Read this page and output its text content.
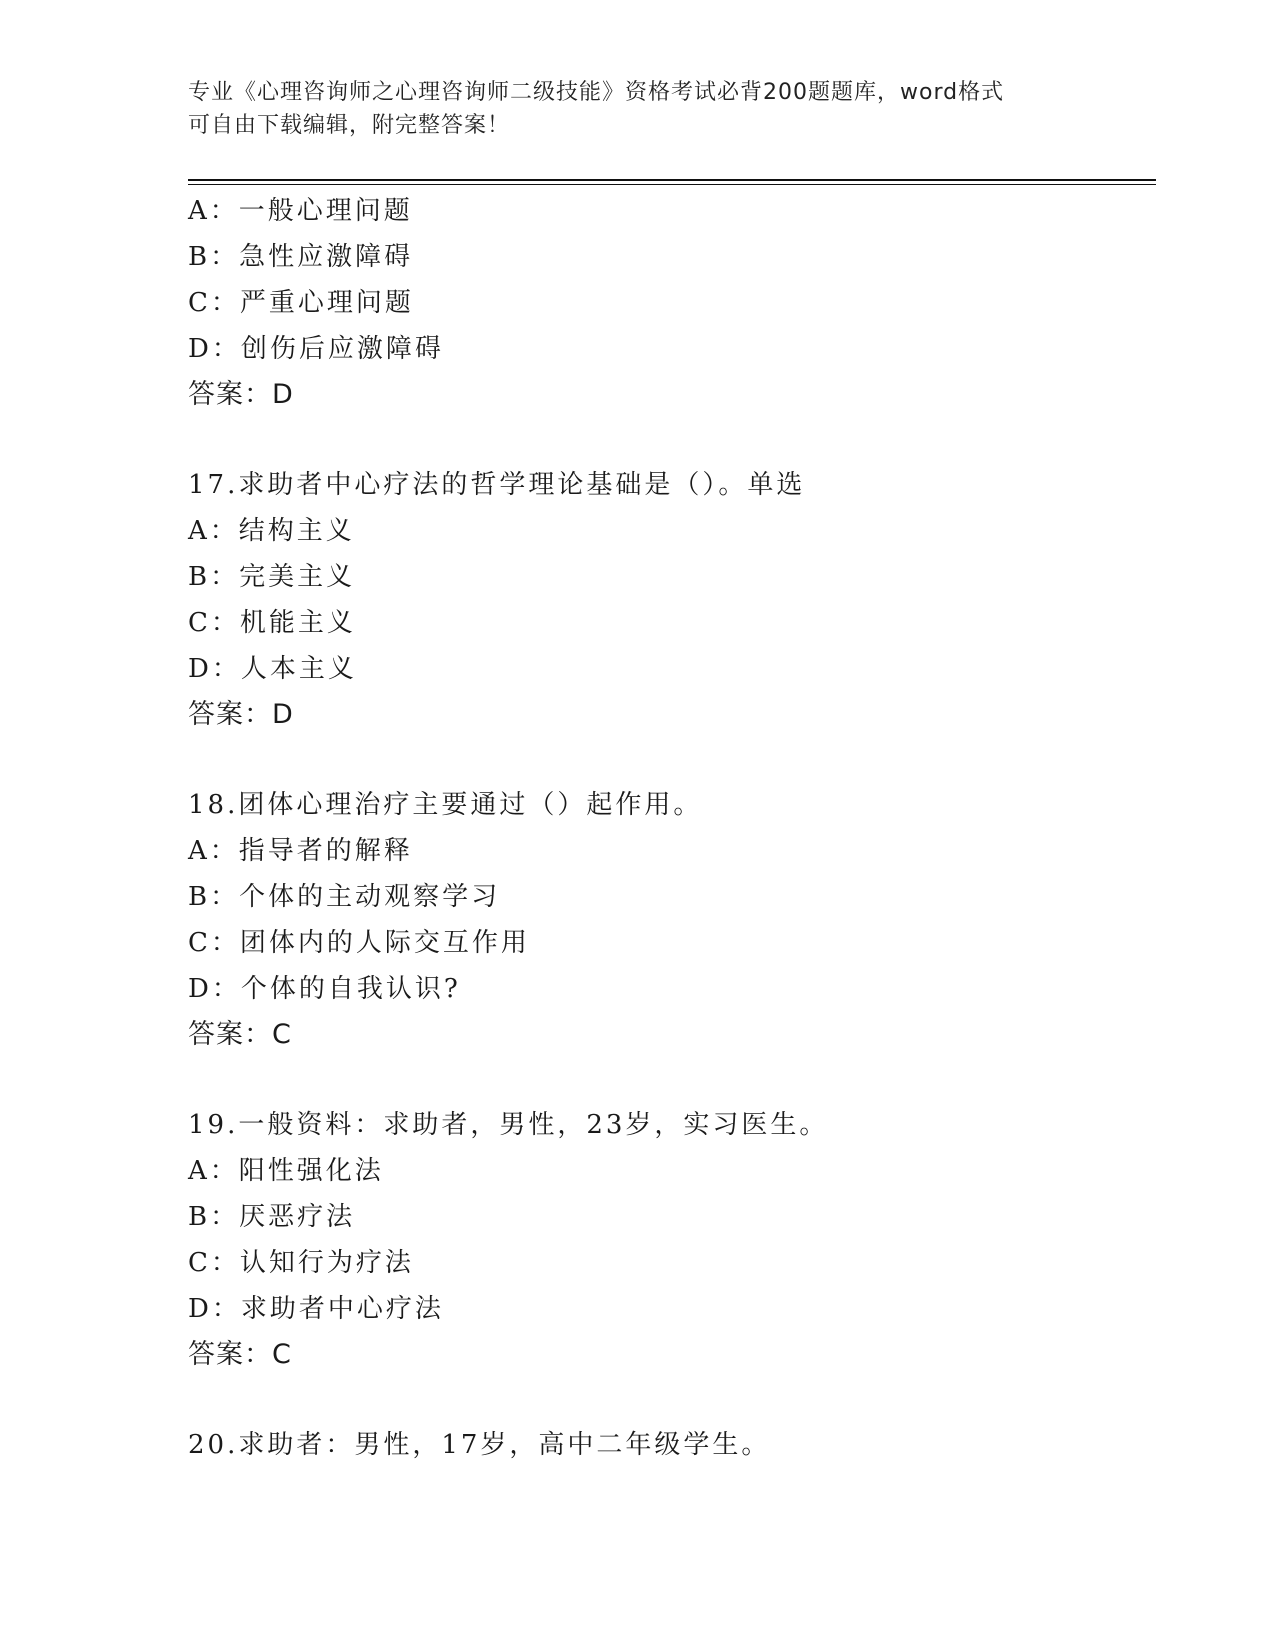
专业《心理咨询师之心理咨询师二级技能》资格考试必背200题题库，word格式
可自由下载编辑，附完整答案！
A：一般心理问题
B：急性应激障碍
C：严重心理问题
D：创伤后应激障碍
答案：D
17.求助者中心疗法的哲学理论基础是（）。单选
A：结构主义
B：完美主义
C：机能主义
D：人本主义
答案：D
18.团体心理治疗主要通过（）起作用。
A：指导者的解释
B：个体的主动观察学习
C：团体内的人际交互作用
D：个体的自我认识?
答案：C
19.一般资料：求助者，男性，23岁，实习医生。
A：阳性强化法
B：厌恶疗法
C：认知行为疗法
D：求助者中心疗法
答案：C
20.求助者：男性，17岁，高中二年级学生。
